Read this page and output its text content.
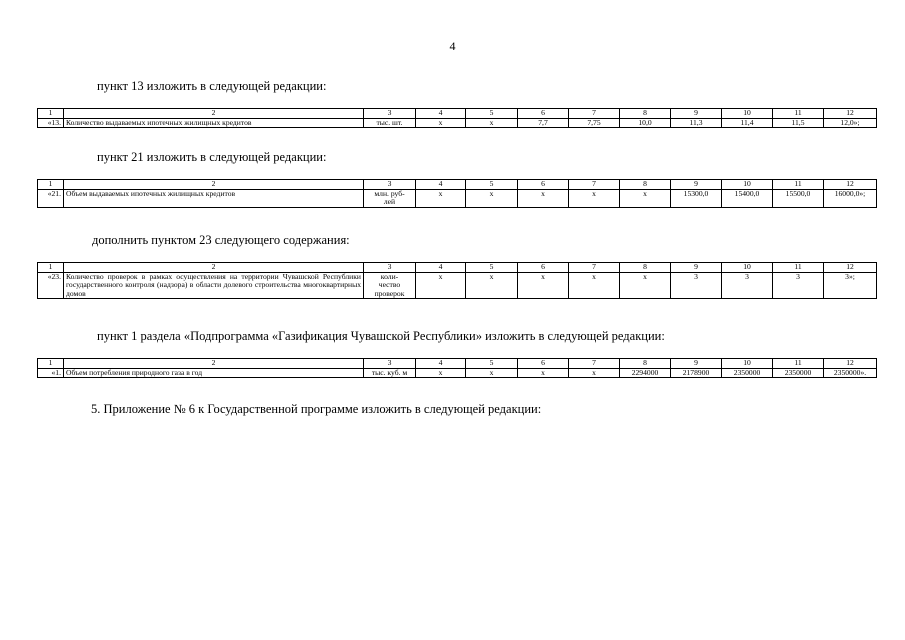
4
пункт 13 изложить в следующей редакции:
1	2	3	4	5	6	7	8	9	10	11	12
«13.	Количество выдаваемых ипотечных жилищных кредитов	тыс. шт.	x	x	7,7	7,75	10,0	11,3	11,4	11,5	12,0»;
пункт 21 изложить в следующей редакции:
1	2	3	4	5	6	7	8	9	10	11	12
«21.	Объем выдаваемых ипотечных жилищных кредитов	млн. руб-
лей	x	x	x	x	x	15300,0	15400,0	15500,0	16000,0»;
дополнить пунктом 23 следующего содержания:
1	2	3	4	5	6	7	8	9	10	11	12
«23.	Количество проверок в рамках осуществления на территории Чувашской Республики государственного контроля (надзора) в области долевого строительства многоквартирных домов	коли-
чество
проверок	x	x	x	x	x	3	3	3	3»;
пункт 1 раздела «Подпрограмма «Газификация Чувашской Республики» изложить в следующей редакции:
1	2	3	4	5	6	7	8	9	10	11	12
«1.	Объем потребления природного газа в год	тыс. куб. м	x	x	x	x	2294000	2178900	2350000	2350000	2350000».
5. Приложение № 6 к Государственной программе изложить в следующей редакции:
